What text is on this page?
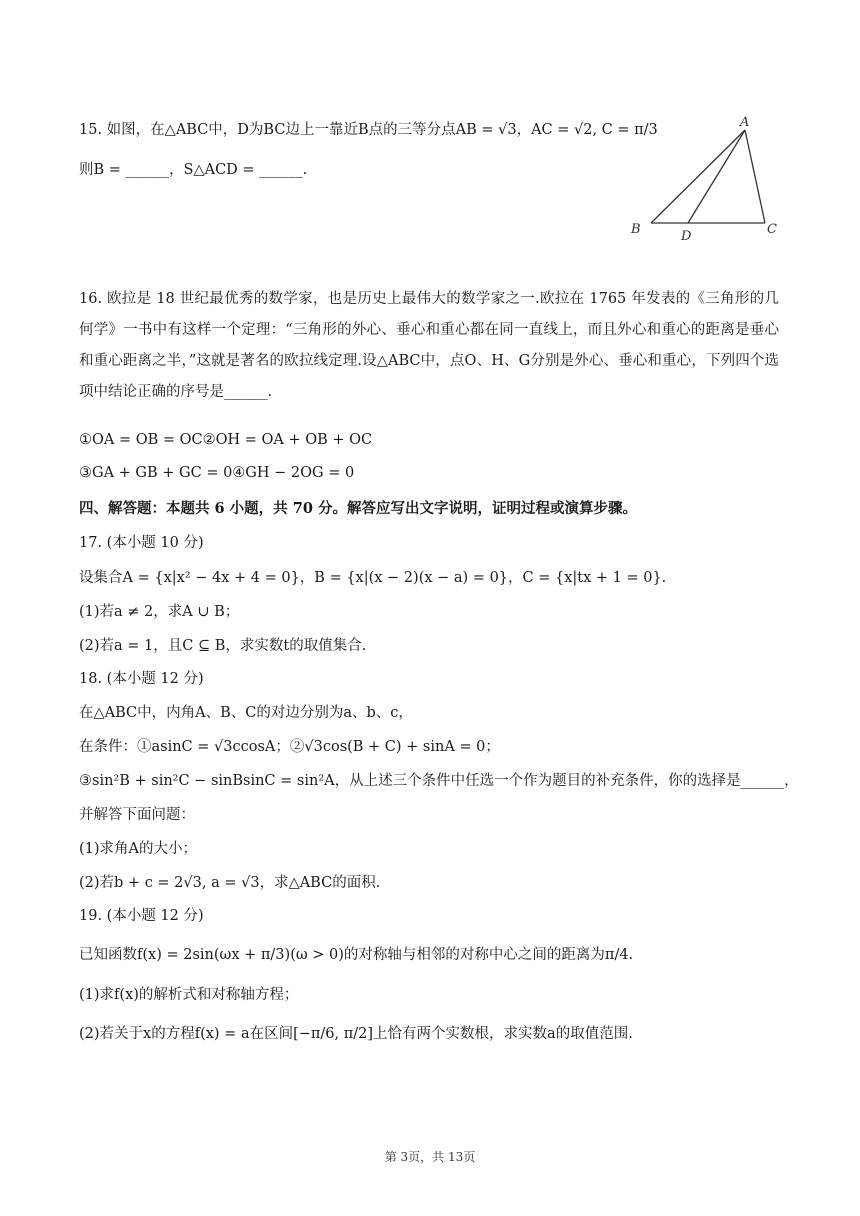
15. 如图，在△ABC中，D为BC边上一靠近B点的三等分点AB = √3，AC = √2, C = π/3
则B = ______，S△ACD = ______.
A
B	C
D
16. 欧拉是 18 世纪最优秀的数学家，也是历史上最伟大的数学家之一.欧拉在 1765 年发表的《三角形的几何学》一书中有这样一个定理：“三角形的外心、垂心和重心都在同一直线上，而且外心和重心的距离是垂心和重心距离之半，”这就是著名的欧拉线定理.设△ABC中，点O、H、G分别是外心、垂心和重心，下列四个选项中结论正确的序号是______.
①OA = OB = OC②OH = OA + OB + OC
③GA + GB + GC = 0④GH − 2OG = 0
四、解答题：本题共 6 小题，共 70 分。解答应写出文字说明，证明过程或演算步骤。
17. (本小题 10 分)
设集合A = {x|x² − 4x + 4 = 0}，B = {x|(x − 2)(x − a) = 0}，C = {x|tx + 1 = 0}.
(1)若a ≠ 2，求A ∪ B；
(2)若a = 1，且C ⊆ B，求实数t的取值集合.
18. (本小题 12 分)
在△ABC中，内角A、B、C的对边分别为a、b、c，
在条件：①asinC = √3ccosA；②√3cos(B + C) + sinA = 0；
③sin²B + sin²C − sinBsinC = sin²A，从上述三个条件中任选一个作为题目的补充条件，你的选择是______，
并解答下面问题：
(1)求角A的大小；
(2)若b + c = 2√3, a = √3，求△ABC的面积.
19. (本小题 12 分)
已知函数f(x) = 2sin(ωx + π/3)(ω > 0)的对称轴与相邻的对称中心之间的距离为π/4.
(1)求f(x)的解析式和对称轴方程；
(2)若关于x的方程f(x) = a在区间[−π/6, π/2]上恰有两个实数根，求实数a的取值范围.
第 3页，共 13页
